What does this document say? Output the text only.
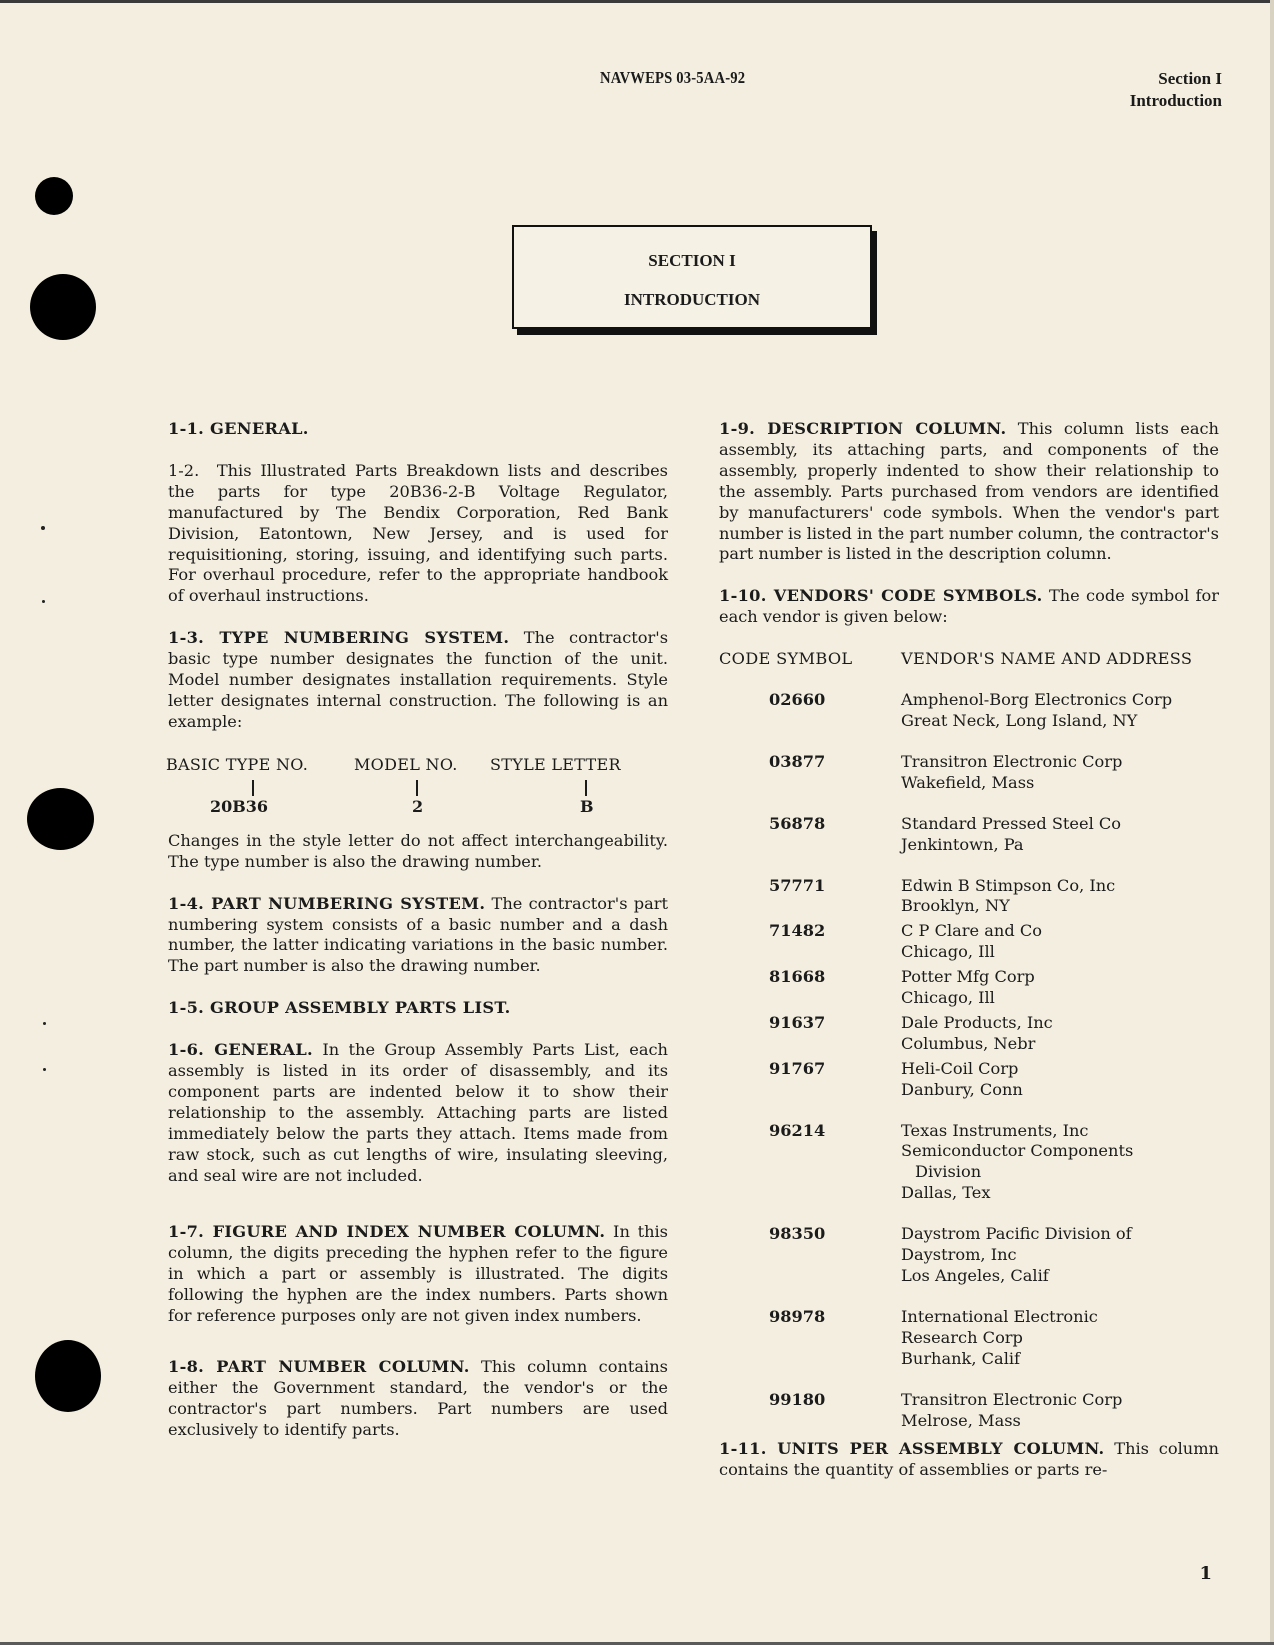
NAVWEPS 03-5AA-92	Section I
Introduction
SECTION I
INTRODUCTION

1-1. GENERAL.

1-2. This Illustrated Parts Breakdown lists and describes the parts for type 20B36-2-B Voltage Regulator, manufactured by The Bendix Corporation, Red Bank Division, Eatontown, New Jersey, and is used for requisitioning, storing, issuing, and identifying such parts. For overhaul procedure, refer to the appropriate handbook of overhaul instructions.

1-3. TYPE NUMBERING SYSTEM. The contractor's basic type number designates the function of the unit. Model number designates installation requirements. Style letter designates internal construction. The following is an example:

BASIC TYPE NO.	MODEL NO. STYLE LETTER
20B36	2	B

Changes in the style letter do not affect interchangeability. The type number is also the drawing number.

1-4. PART NUMBERING SYSTEM. The contractor's part numbering system consists of a basic number and a dash number, the latter indicating variations in the basic number. The part number is also the drawing number.

1-5. GROUP ASSEMBLY PARTS LIST.

1-6. GENERAL. In the Group Assembly Parts List, each assembly is listed in its order of disassembly, and its component parts are indented below it to show their relationship to the assembly. Attaching parts are listed immediately below the parts they attach. Items made from raw stock, such as cut lengths of wire, insulating sleeving, and seal wire are not included.

1-7. FIGURE AND INDEX NUMBER COLUMN. In this column, the digits preceding the hyphen refer to the figure in which a part or assembly is illustrated. The digits following the hyphen are the index numbers. Parts shown for reference purposes only are not given index numbers.

1-8. PART NUMBER COLUMN. This column contains either the Government standard, the vendor's or the contractor's part numbers. Part numbers are used exclusively to identify parts.

1-9. DESCRIPTION COLUMN. This column lists each assembly, its attaching parts, and components of the assembly, properly indented to show their relationship to the assembly. Parts purchased from vendors are identified by manufacturers' code symbols. When the vendor's part number is listed in the part number column, the contractor's part number is listed in the description column.

1-10. VENDORS' CODE SYMBOLS. The code symbol for each vendor is given below:

CODE SYMBOL	VENDOR'S NAME AND ADDRESS
02660	Amphenol-Borg Electronics Corp
Great Neck, Long Island, NY
03877	Transitron Electronic Corp
Wakefield, Mass
56878	Standard Pressed Steel Co
Jenkintown, Pa
57771	Edwin B Stimpson Co, Inc
Brooklyn, NY
71482	C P Clare and Co
Chicago, Ill
81668	Potter Mfg Corp
Chicago, Ill
91637	Dale Products, Inc
Columbus, Nebr
91767	Heli-Coil Corp
Danbury, Conn
96214	Texas Instruments, Inc
Semiconductor Components
Division
Dallas, Tex
98350	Daystrom Pacific Division of
Daystrom, Inc
Los Angeles, Calif
98978	International Electronic
Research Corp
Burhank, Calif
99180	Transitron Electronic Corp
Melrose, Mass

1-11. UNITS PER ASSEMBLY COLUMN. This column contains the quantity of assemblies or parts re-

1
